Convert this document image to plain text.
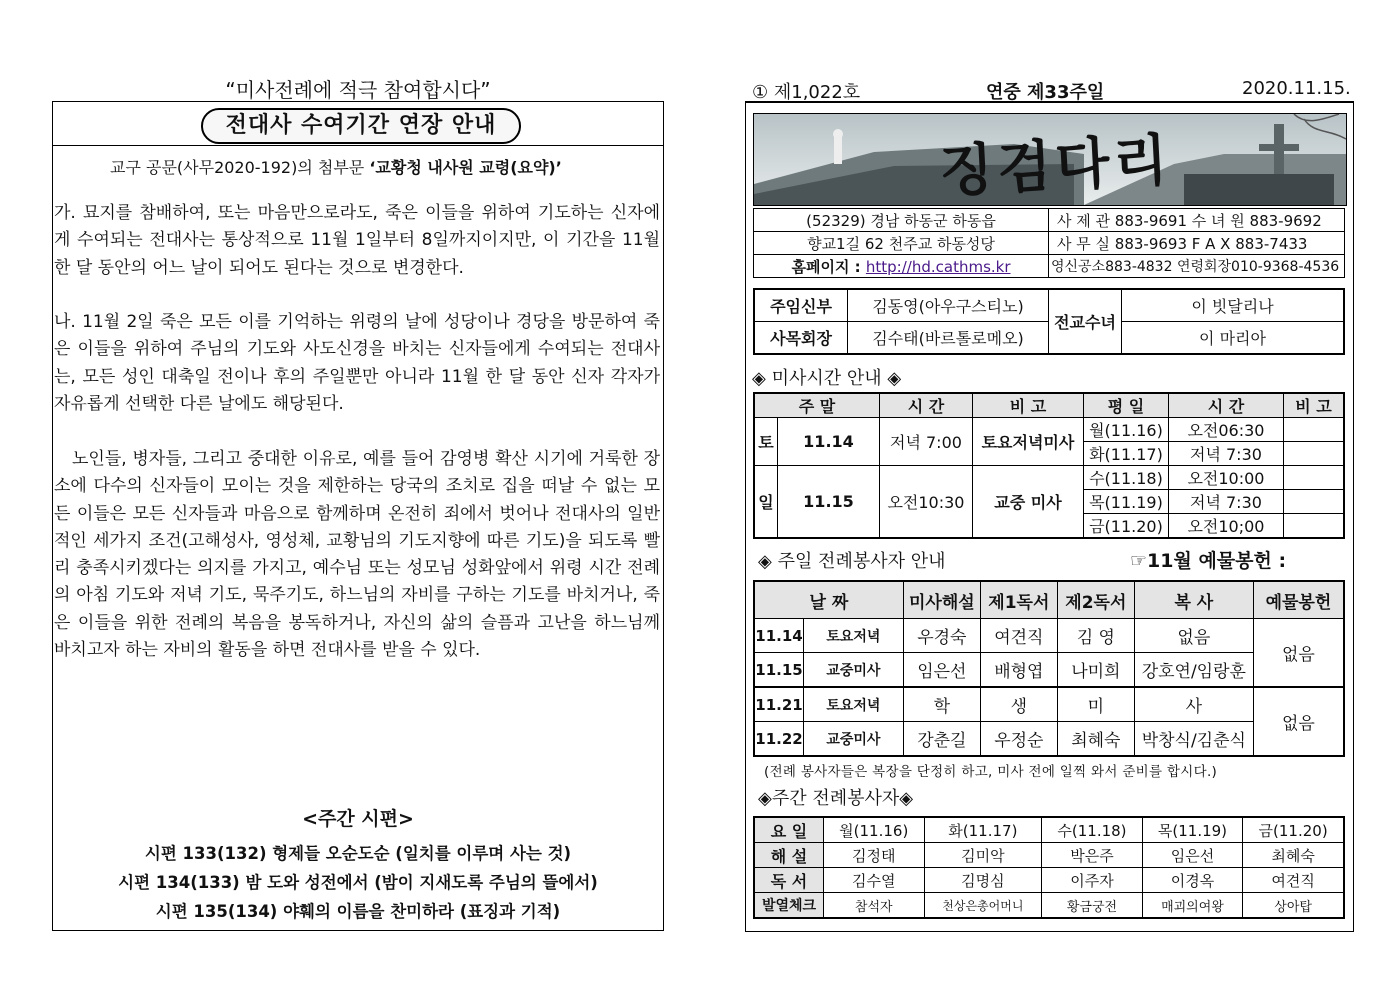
“미사전례에 적극 참여합시다”
전대사 수여기간 연장 안내
교구 공문(사무2020-192)의 첨부문 ‘교황청 내사원 교령(요약)’
가. 묘지를 참배하여, 또는 마음만으로라도, 죽은 이들을 위하여 기도하는 신자에게 수여되는 전대사는 통상적으로 11월 1일부터 8일까지이지만, 이 기간을 11월 한 달 동안의 어느 날이 되어도 된다는 것으로 변경한다.
나. 11월 2일 죽은 모든 이를 기억하는 위령의 날에 성당이나 경당을 방문하여 죽은 이들을 위하여 주님의 기도와 사도신경을 바치는 신자들에게 수여되는 전대사는, 모든 성인 대축일 전이나 후의 주일뿐만 아니라 11월 한 달 동안 신자 각자가 자유롭게 선택한 다른 날에도 해당된다.
노인들, 병자들, 그리고 중대한 이유로, 예를 들어 감영병 확산 시기에 거룩한 장소에 다수의 신자들이 모이는 것을 제한하는 당국의 조치로 집을 떠날 수 없는 모든 이들은 모든 신자들과 마음으로 함께하며 온전히 죄에서 벗어나 전대사의 일반적인 세가지 조건(고해성사, 영성체, 교황님의 기도지향에 따른 기도)을 되도록 빨리 충족시키겠다는 의지를 가지고, 예수님 또는 성모님 성화앞에서 위령 시간 전례의 아침 기도와 저녁 기도, 묵주기도, 하느님의 자비를 구하는 기도를 바치거나, 죽은 이들을 위한 전례의 복음을 봉독하거나, 자신의 삶의 슬픔과 고난을 하느님께 바치고자 하는 자비의 활동을 하면 전대사를 받을 수 있다.
<주간 시편>
시편 133(132) 형제들 오순도순 (일치를 이루며 사는 것)
시편 134(133) 밤 도와 성전에서 (밤이 지새도록 주님의 뜰에서)
시편 135(134) 야훼의 이름을 찬미하라 (표징과 기적)
① 제1,022호	연중 제33주일	2020.11.15.
징검다리
(52329) 경남 하동군 하동읍	사 제 관 883-9691 수 녀 원 883-9692
향교1길 62 천주교 하동성당	사 무 실 883-9693 F A X 883-7433
홈페이지 : http://hd.cathms.kr	영신공소883-4832 연령회장010-9368-4536
주임신부	김동영(아우구스티노)	전교수녀	이 빗달리나
사목회장	김수태(바르톨로메오)		이 마리아
◈ 미사시간 안내 ◈
주 말		시 간	비 고	평 일	시 간	비 고
토	11.14	저녁 7:00	토요저녁미사	월(11.16)	오전06:30	
				화(11.17)	저녁 7:30	
일	11.15	오전10:30	교중 미사	수(11.18)	오전10:00	
				목(11.19)	저녁 7:30	
				금(11.20)	오전10;00	
◈ 주일 전례봉사자 안내	☞11월 예물봉헌 :
날 짜		미사해설	제1독서	제2독서	복 사	예물봉헌
11.14	토요저녁	우경숙	여견직	김 영	없음	없음
11.15	교중미사	임은선	배형엽	나미희	강호연/임랑훈	
11.21	토요저녁	학	생	미	사	없음
11.22	교중미사	강춘길	우정순	최혜숙	박창식/김춘식	
(전례 봉사자들은 복장을 단정히 하고, 미사 전에 일찍 와서 준비를 합시다.)
◈주간 전례봉사자◈
요 일	월(11.16)	화(11.17)	수(11.18)	목(11.19)	금(11.20)
해 설	김정태	김미악	박은주	임은선	최혜숙
독 서	김수열	김명심	이주자	이경옥	여견직
발열체크	참석자	천상은총어머니	황금궁전	매괴의여왕	상아탑
